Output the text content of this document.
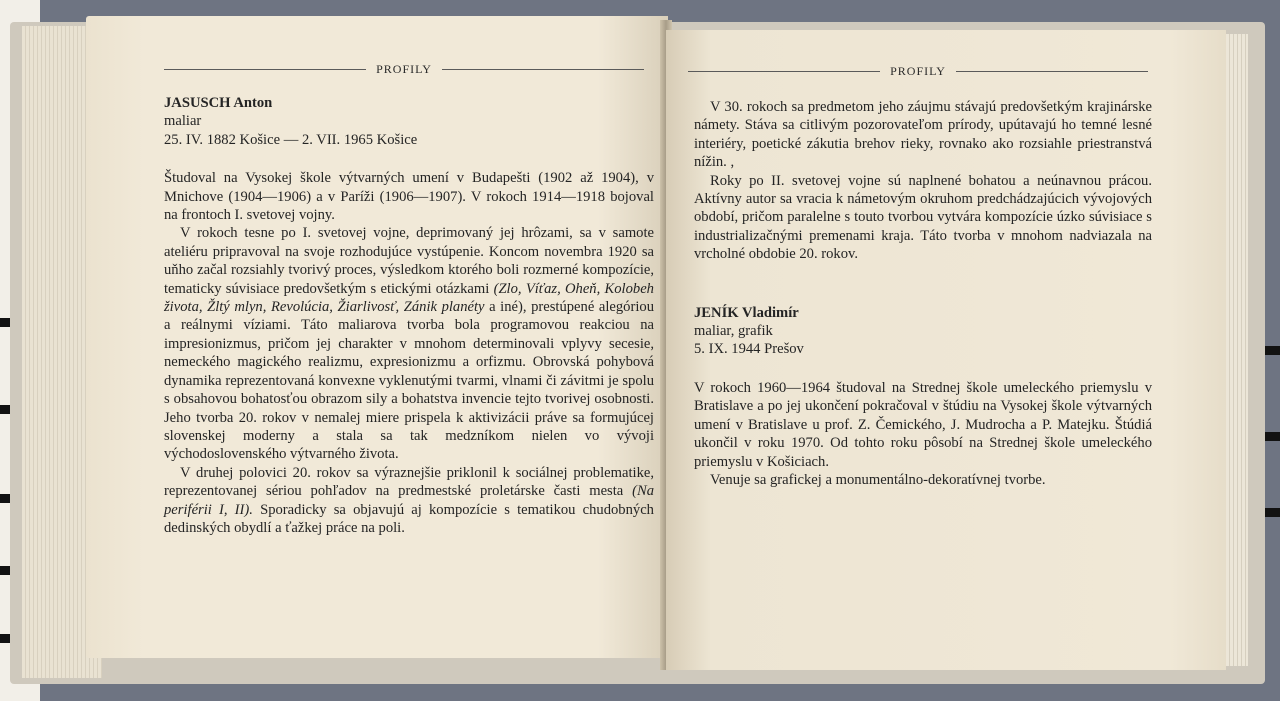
PROFILY

JASUSCH Anton

maliar

25. IV. 1882 Košice — 2. VII. 1965 Košice

Študoval na Vysokej škole výtvarných umení v Budapešti (1902 až 1904), v Mnichove (1904—1906) a v Paríži (1906—1907). V rokoch 1914—1918 bojoval na frontoch I. svetovej vojny.

V rokoch tesne po I. svetovej vojne, deprimovaný jej hrôzami, sa v samote ateliéru pripravoval na svoje rozhodujúce vystúpenie. Koncom novembra 1920 sa uňho začal rozsiahly tvorivý proces, výsledkom ktorého boli rozmerné kompozície, tematicky súvisiace predovšetkým s etickými otázkami (Zlo, Víťaz, Oheň, Kolobeh života, Žltý mlyn, Revolúcia, Žiarlivosť, Zánik planéty a iné), prestúpené alegóriou a reálnymi víziami. Táto maliarova tvorba bola programovou reakciou na impresionizmus, pričom jej charakter v mnohom determinovali vplyvy secesie, nemeckého magického realizmu, expresionizmu a orfizmu. Obrovská pohybová dynamika reprezentovaná konvexne vyklenutými tvarmi, vlnami či závitmi je spolu s obsahovou bohatosťou obrazom sily a bohatstva invencie tejto tvorivej osobnosti. Jeho tvorba 20. rokov v nemalej miere prispela k aktivizácii práve sa formujúcej slovenskej moderny a stala sa tak medzníkom nielen vo vývoji východoslovenského výtvarného života.

V druhej polovici 20. rokov sa výraznejšie priklonil k sociálnej problematike, reprezentovanej sériou pohľadov na predmestské proletárske časti mesta (Na periférii I, II). Sporadicky sa objavujú aj kompozície s tematikou chudobných dedinských obydlí a ťažkej práce na poli.

PROFILY

V 30. rokoch sa predmetom jeho záujmu stávajú predovšetkým krajinárske námety. Stáva sa citlivým pozorovateľom prírody, upútavajú ho temné lesné interiéry, poetické zákutia brehov rieky, rovnako ako rozsiahle priestranstvá nížin. ,

Roky po II. svetovej vojne sú naplnené bohatou a neúnavnou prácou. Aktívny autor sa vracia k námetovým okruhom predchádzajúcich vývojových období, pričom paralelne s touto tvorbou vytvára kompozície úzko súvisiace s industrializačnými premenami kraja. Táto tvorba v mnohom nadviazala na vrcholné obdobie 20. rokov.

JENÍK Vladimír

maliar, grafik

5. IX. 1944 Prešov

V rokoch 1960—1964 študoval na Strednej škole umeleckého priemyslu v Bratislave a po jej ukončení pokračoval v štúdiu na Vysokej škole výtvarných umení v Bratislave u prof. Z. Čemického, J. Mudrocha a P. Matejku. Štúdiá ukončil v roku 1970. Od tohto roku pôsobí na Strednej škole umeleckého priemyslu v Košiciach.

Venuje sa grafickej a monumentálno-dekoratívnej tvorbe.
